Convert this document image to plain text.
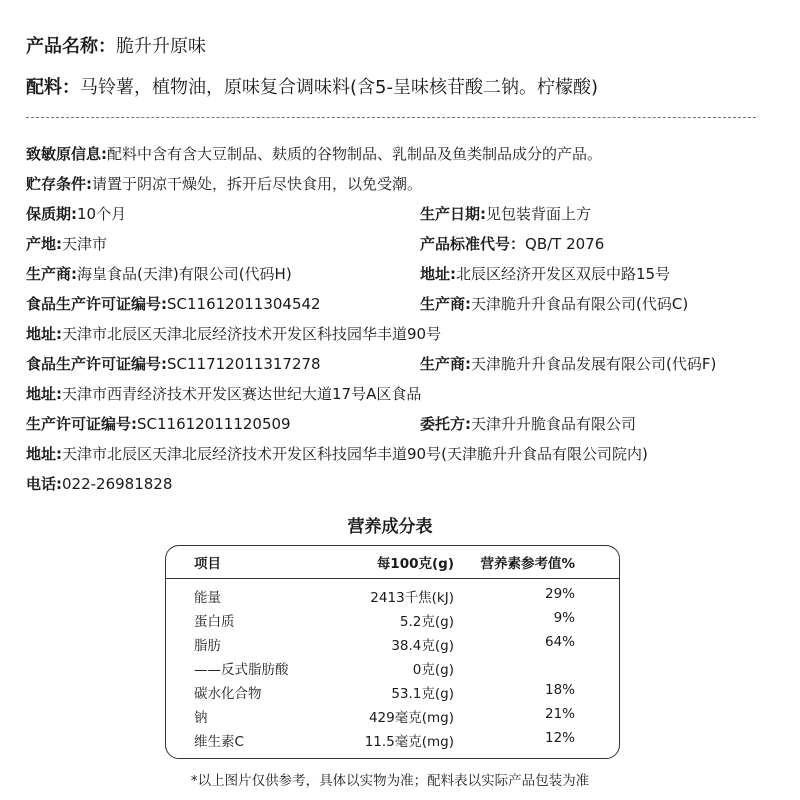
产品名称：脆升升原味
配料：马铃薯，植物油，原味复合调味料(含5-呈味核苷酸二钠。柠檬酸)
致敏原信息:配料中含有含大豆制品、麸质的谷物制品、乳制品及鱼类制品成分的产品。
贮存条件:请置于阴凉干燥处，拆开后尽快食用，以免受潮。
保质期:10个月	生产日期:见包装背面上方
产地:天津市	产品标准代号：QB/T 2076
生产商:海皇食品(天津)有限公司(代码H)	地址:北辰区经济开发区双辰中路15号
食品生产许可证编号:SC11612011304542	生产商:天津脆升升食品有限公司(代码C)
地址:天津市北辰区天津北辰经济技术开发区科技园华丰道90号
食品生产许可证编号:SC11712011317278	生产商:天津脆升升食品发展有限公司(代码F)
地址:天津市西青经济技术开发区赛达世纪大道17号A区食品
生产许可证编号:SC11612011120509	委托方:天津升升脆食品有限公司
地址:天津市北辰区天津北辰经济技术开发区科技园华丰道90号(天津脆升升食品有限公司院内)
电话:022-26981828
营养成分表
项目	每100克(g) 营养素参考值%
能量	2413千焦(kJ)	29%
蛋白质	5.2克(g)	9%
脂肪	38.4克(g)	64%
——反式脂肪酸	0克(g)
碳水化合物	53.1克(g)	18%
钠	429毫克(mg)	21%
维生素C	11.5毫克(mg)	12%
*以上图片仅供参考，具体以实物为准；配料表以实际产品包装为准
